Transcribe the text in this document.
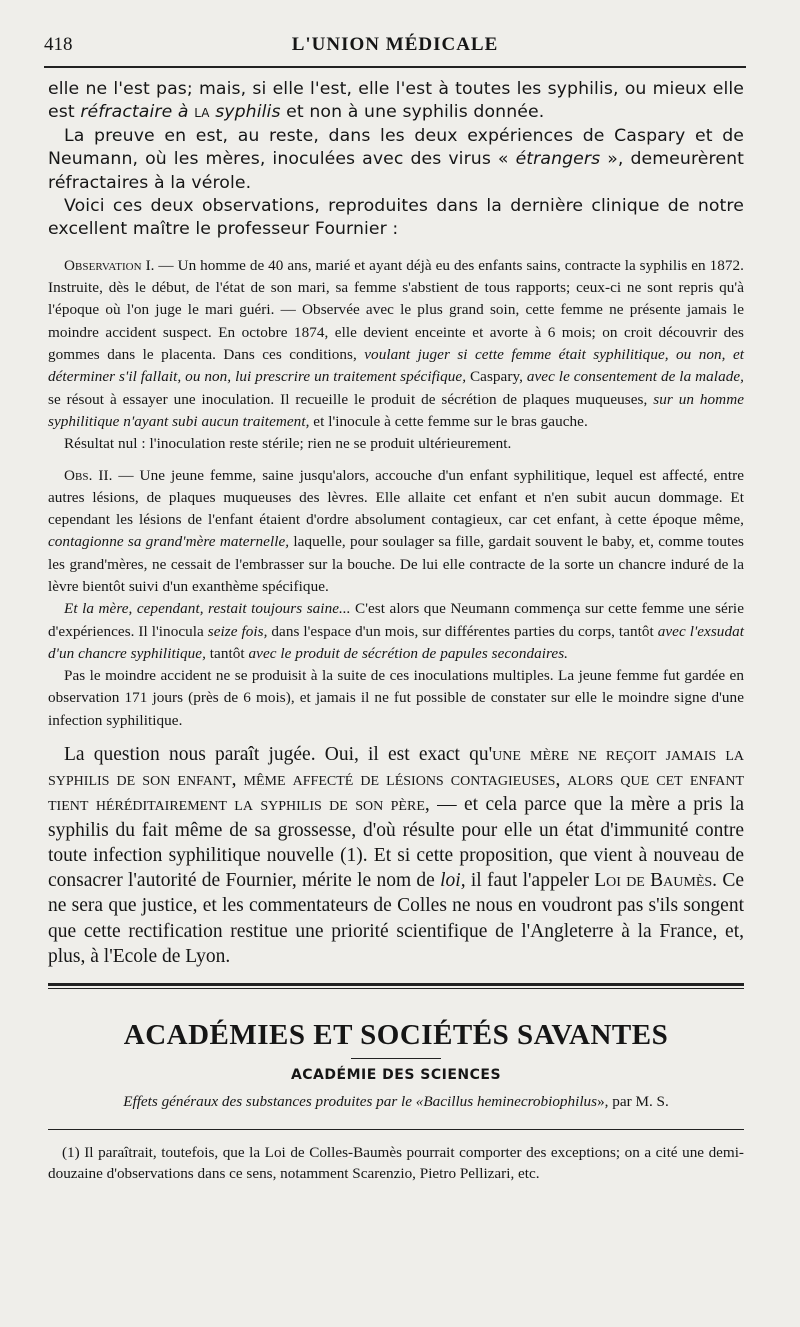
418	L'UNION MÉDICALE

elle ne l'est pas; mais, si elle l'est, elle l'est à toutes les syphilis, ou mieux elle est réfractaire à la syphilis et non à une syphilis donnée.

La preuve en est, au reste, dans les deux expériences de Caspary et de Neumann, où les mères, inoculées avec des virus « étrangers », demeurèrent réfractaires à la vérole.

Voici ces deux observations, reproduites dans la dernière clinique de notre excellent maître le professeur Fournier :

Observation I. — Un homme de 40 ans, marié et ayant déjà eu des enfants sains, contracte la syphilis en 1872. Instruite, dès le début, de l'état de son mari, sa femme s'abstient de tous rapports; ceux-ci ne sont repris qu'à l'époque où l'on juge le mari guéri. — Observée avec le plus grand soin, cette femme ne présente jamais le moindre accident suspect. En octobre 1874, elle devient enceinte et avorte à 6 mois; on croit découvrir des gommes dans le placenta. Dans ces conditions, voulant juger si cette femme était syphilitique, ou non, et déterminer s'il fallait, ou non, lui prescrire un traitement spécifique, Caspary, avec le consentement de la malade, se résout à essayer une inoculation. Il recueille le produit de sécrétion de plaques muqueuses, sur un homme syphilitique n'ayant subi aucun traitement, et l'inocule à cette femme sur le bras gauche.

Résultat nul : l'inoculation reste stérile; rien ne se produit ultérieurement.

Obs. II. — Une jeune femme, saine jusqu'alors, accouche d'un enfant syphilitique, lequel est affecté, entre autres lésions, de plaques muqueuses des lèvres. Elle allaite cet enfant et n'en subit aucun dommage. Et cependant les lésions de l'enfant étaient d'ordre absolument contagieux, car cet enfant, à cette époque même, contagionne sa grand'mère maternelle, laquelle, pour soulager sa fille, gardait souvent le baby, et, comme toutes les grand'mères, ne cessait de l'embrasser sur la bouche. De lui elle contracte de la sorte un chancre induré de la lèvre bientôt suivi d'un exanthème spécifique.

Et la mère, cependant, restait toujours saine... C'est alors que Neumann commença sur cette femme une série d'expériences. Il l'inocula seize fois, dans l'espace d'un mois, sur différentes parties du corps, tantôt avec l'exsudat d'un chancre syphilitique, tantôt avec le produit de sécrétion de papules secondaires.

Pas le moindre accident ne se produisit à la suite de ces inoculations multiples. La jeune femme fut gardée en observation 171 jours (près de 6 mois), et jamais il ne fut possible de constater sur elle le moindre signe d'une infection syphilitique.

La question nous paraît jugée. Oui, il est exact qu'une mère ne reçoit jamais la syphilis de son enfant, même affecté de lésions contagieuses, alors que cet enfant tient héréditairement la syphilis de son père, — et cela parce que la mère a pris la syphilis du fait même de sa grossesse, d'où résulte pour elle un état d'immunité contre toute infection syphilitique nouvelle (1). Et si cette proposition, que vient à nouveau de consacrer l'autorité de Fournier, mérite le nom de loi, il faut l'appeler Loi de Baumès. Ce ne sera que justice, et les commentateurs de Colles ne nous en voudront pas s'ils songent que cette rectification restitue une priorité scientifique de l'Angleterre à la France, et, plus, à l'Ecole de Lyon.

ACADÉMIES ET SOCIÉTÉS SAVANTES
ACADÉMIE DES SCIENCES
Effets généraux des substances produites par le «Bacillus heminecrobiophilus», par M. S.

(1) Il paraîtrait, toutefois, que la Loi de Colles-Baumès pourrait comporter des exceptions; on a cité une demi-douzaine d'observations dans ce sens, notamment Scarenzio, Pietro Pellizari, etc.
